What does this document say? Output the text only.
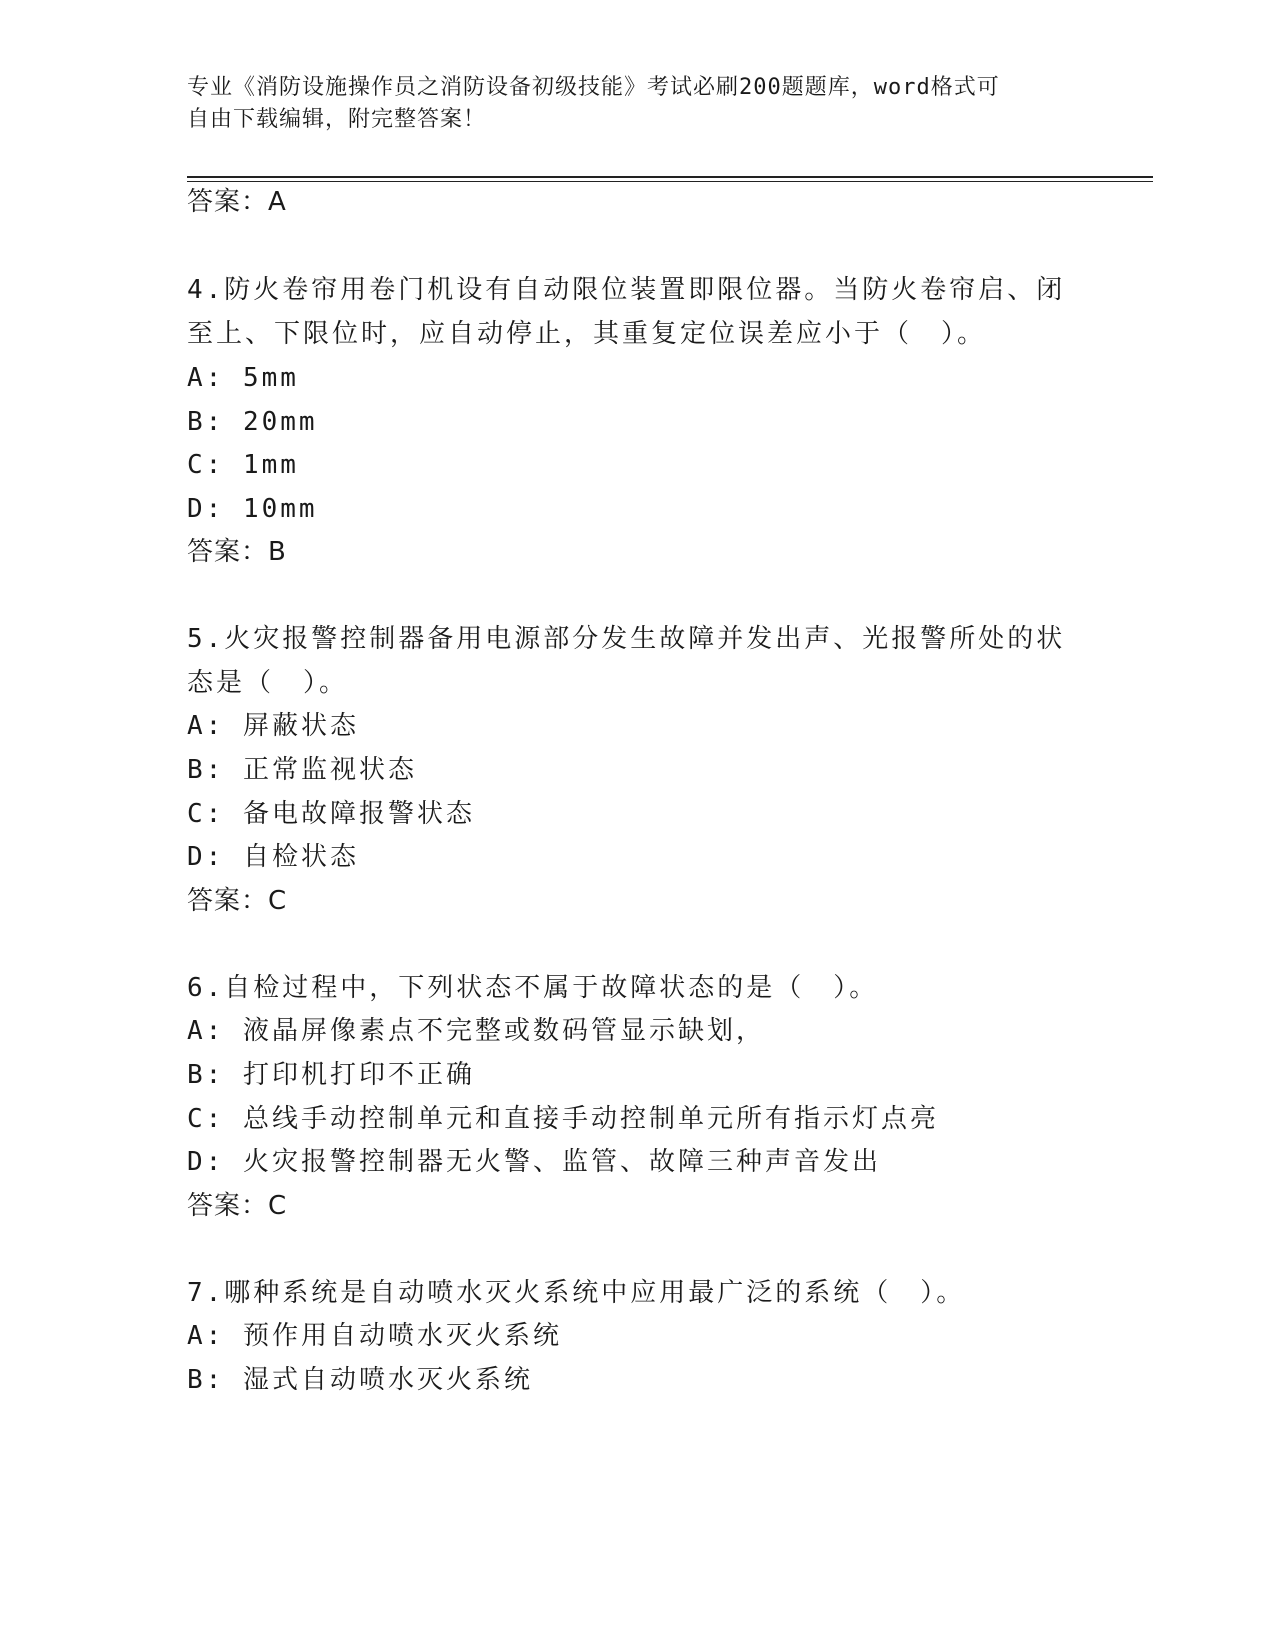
专业《消防设施操作员之消防设备初级技能》考试必刷200题题库，word格式可
自由下载编辑，附完整答案！
答案：A
4.防火卷帘用卷门机设有自动限位装置即限位器。当防火卷帘启、闭
至上、下限位时，应自动停止，其重复定位误差应小于（　）。
A: 5mm
B: 20mm
C: 1mm
D: 10mm
答案：B
5.火灾报警控制器备用电源部分发生故障并发出声、光报警所处的状
态是（　）。
A: 屏蔽状态
B: 正常监视状态
C: 备电故障报警状态
D: 自检状态
答案：C
6.自检过程中，下列状态不属于故障状态的是（　）。
A: 液晶屏像素点不完整或数码管显示缺划，
B: 打印机打印不正确
C: 总线手动控制单元和直接手动控制单元所有指示灯点亮
D: 火灾报警控制器无火警、监管、故障三种声音发出
答案：C
7.哪种系统是自动喷水灭火系统中应用最广泛的系统（　）。
A: 预作用自动喷水灭火系统
B: 湿式自动喷水灭火系统
